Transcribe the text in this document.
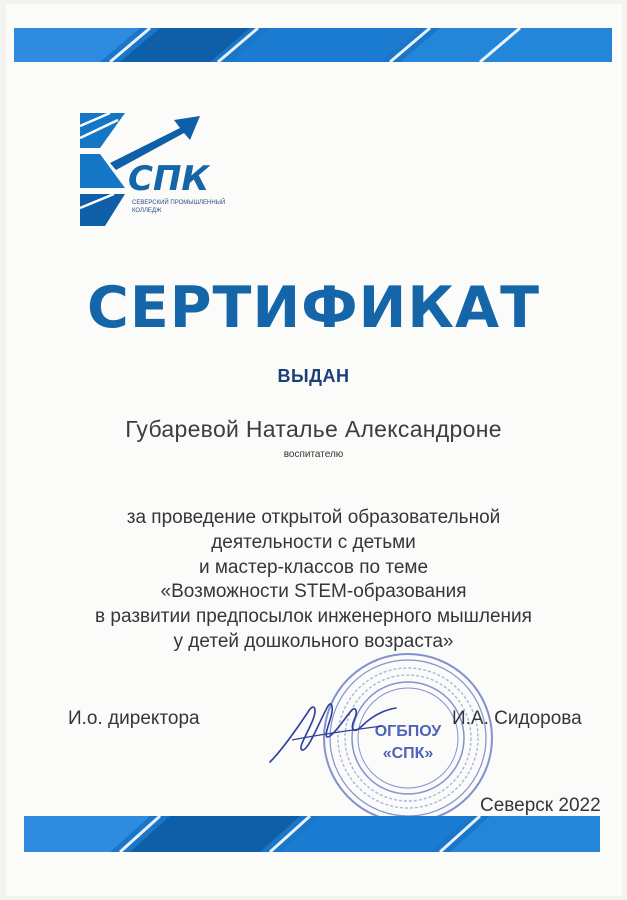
СПК
СЕВЕРСКИЙ ПРОМЫШЛЕННЫЙ
КОЛЛЕДЖ
СЕРТИФИКАТ
ВЫДАН
Губаревой Наталье Александроне
воспитателю
за проведение открытой образовательной
деятельности с детьми
и мастер-классов по теме
«Возможности STEM-образования
в развитии предпосылок инженерного мышления
у детей дошкольного возраста»
ОГБПОУ
«СПК»
И.о. директора	И.А. Сидорова
Северск 2022
